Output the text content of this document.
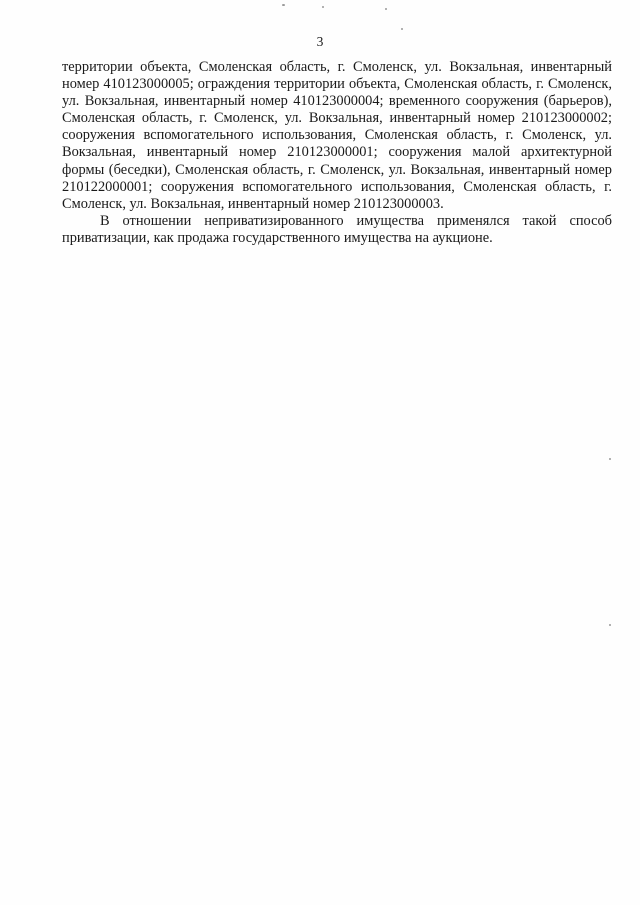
3

территории объекта, Смоленская область, г. Смоленск, ул. Вокзальная, инвентарный номер 410123000005; ограждения территории объекта, Смоленская область, г. Смоленск, ул. Вокзальная, инвентарный номер 410123000004; временного сооружения (барьеров), Смоленская область, г. Смоленск, ул. Вокзальная, инвентарный номер 210123000002; сооружения вспомогательного использования, Смоленская область, г. Смоленск, ул. Вокзальная, инвентарный номер 210123000001; сооружения малой архитектурной формы (беседки), Смоленская область, г. Смоленск, ул. Вокзальная, инвентарный номер 210122000001; сооружения вспомогательного использования, Смоленская область, г. Смоленск, ул. Вокзальная, инвентарный номер 210123000003.

В отношении неприватизированного имущества применялся такой способ приватизации, как продажа государственного имущества на аукционе.
